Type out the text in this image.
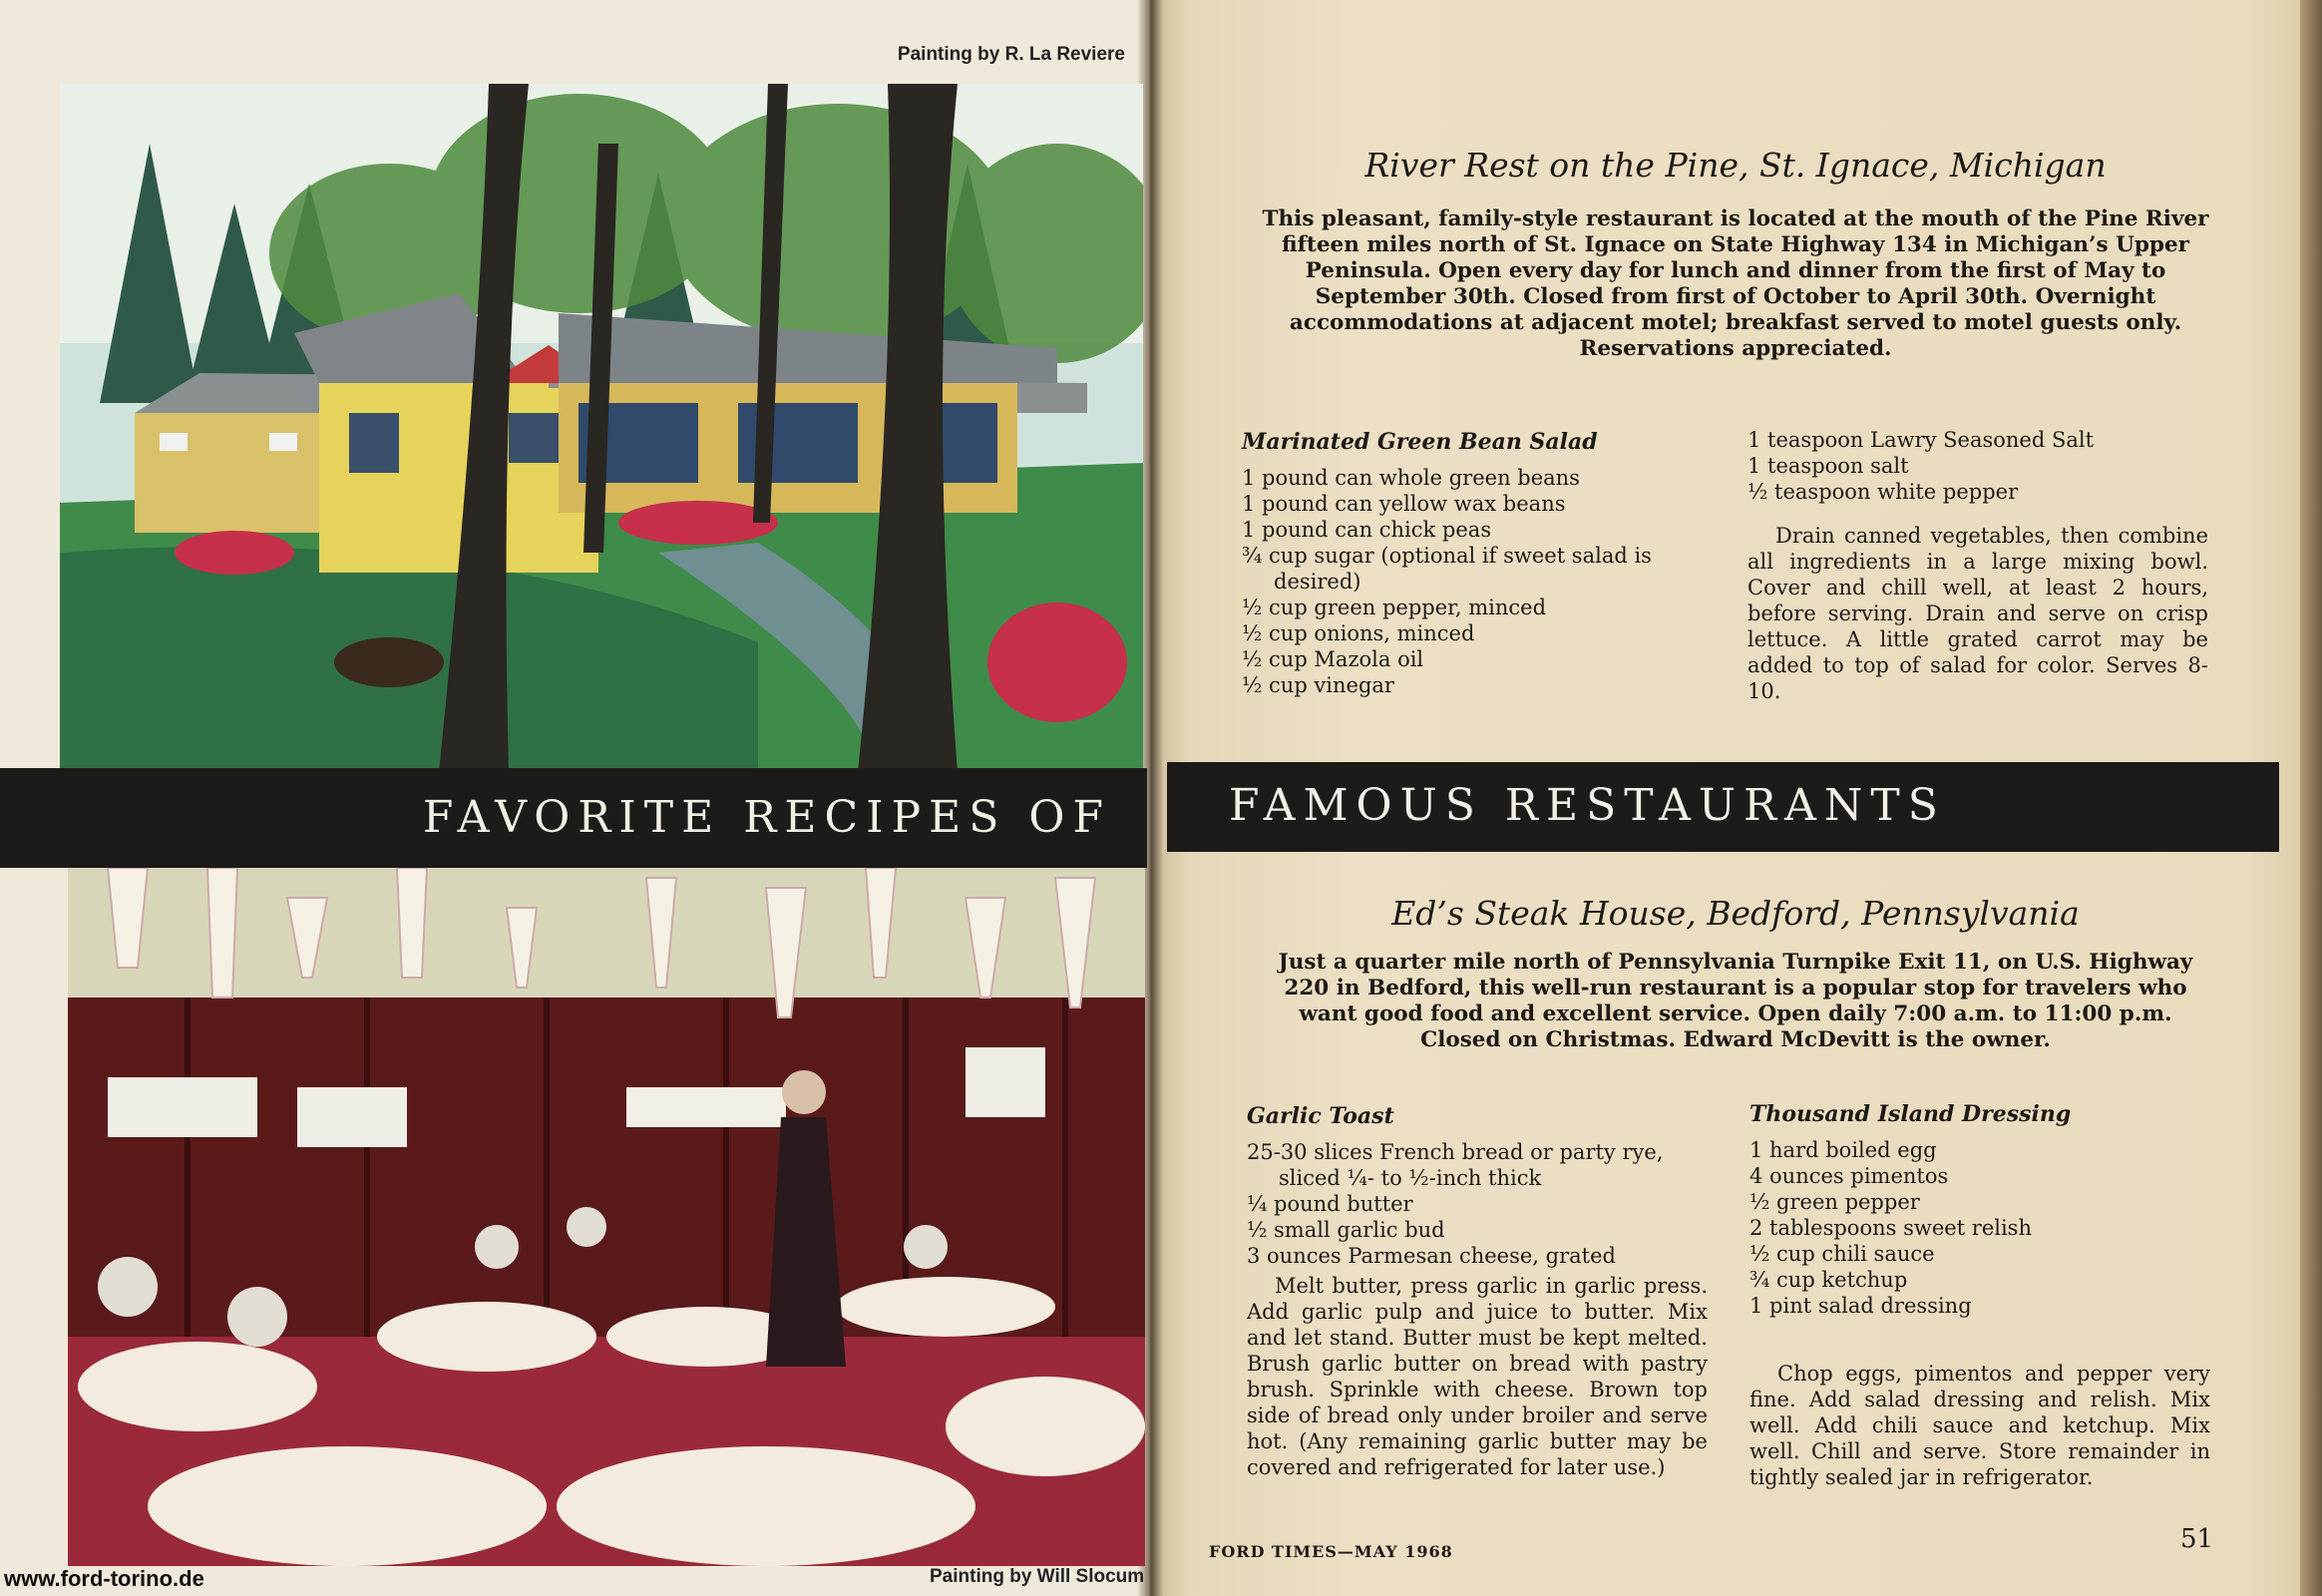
Painting by R. La Reviere
FAVORITE RECIPES OF	FAMOUS RESTAURANTS
Painting by Will Slocum
www.ford-torino.de
River Rest on the Pine, St. Ignace, Michigan
This pleasant, family-style restaurant is located at the mouth of the Pine River fifteen miles north of St. Ignace on State Highway 134 in Michigan’s Upper Peninsula. Open every day for lunch and dinner from the first of May to September 30th. Closed from first of October to April 30th. Overnight accommodations at adjacent motel; breakfast served to motel guests only. Reservations appreciated.
Marinated Green Bean Salad
1 pound can whole green beans
1 pound can yellow wax beans
1 pound can chick peas
¾ cup sugar (optional if sweet salad is desired)
½ cup green pepper, minced
½ cup onions, minced
½ cup Mazola oil
½ cup vinegar
1 teaspoon Lawry Seasoned Salt
1 teaspoon salt
½ teaspoon white pepper

Drain canned vegetables, then combine all ingredients in a large mixing bowl. Cover and chill well, at least 2 hours, before serving. Drain and serve on crisp lettuce. A little grated carrot may be added to top of salad for color. Serves 8-10.

Ed’s Steak House, Bedford, Pennsylvania
Just a quarter mile north of Pennsylvania Turnpike Exit 11, on U.S. Highway 220 in Bedford, this well-run restaurant is a popular stop for travelers who want good food and excellent service. Open daily 7:00 a.m. to 11:00 p.m. Closed on Christmas. Edward McDevitt is the owner.
Garlic Toast
25-30 slices French bread or party rye, sliced ¼- to ½-inch thick
¼ pound butter
½ small garlic bud
3 ounces Parmesan cheese, grated

Melt butter, press garlic in garlic press. Add garlic pulp and juice to butter. Mix and let stand. Butter must be kept melted. Brush garlic butter on bread with pastry brush. Sprinkle with cheese. Brown top side of bread only under broiler and serve hot. (Any remaining garlic butter may be covered and refrigerated for later use.)

Thousand Island Dressing
1 hard boiled egg
4 ounces pimentos
½ green pepper
2 tablespoons sweet relish
½ cup chili sauce
¾ cup ketchup
1 pint salad dressing

Chop eggs, pimentos and pepper very fine. Add salad dressing and relish. Mix well. Add chili sauce and ketchup. Mix well. Chill and serve. Store remainder in tightly sealed jar in refrigerator.

FORD TIMES—MAY 1968	51
